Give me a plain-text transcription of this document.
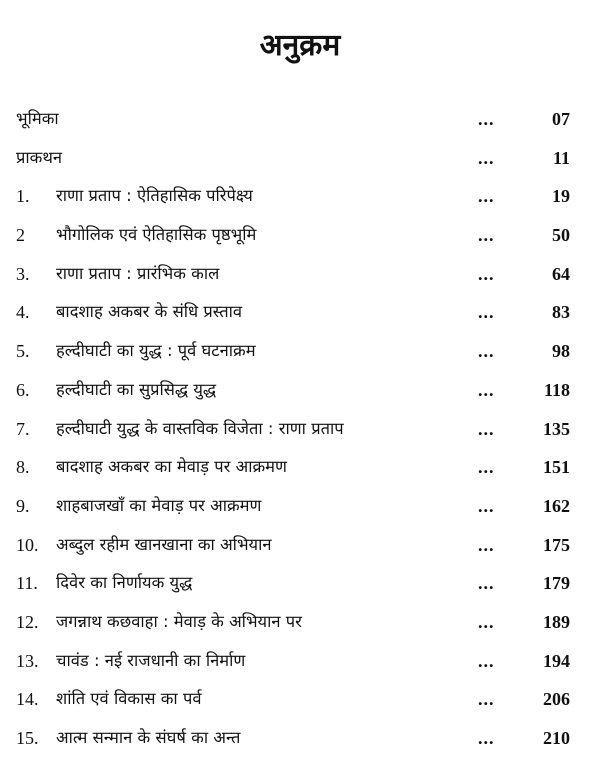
अनुक्रम
भूमिका	...	07
प्राकथन	...	11
1. राणा प्रताप : ऐतिहासिक परिपेक्ष्य	...	19
2 भौगोलिक एवं ऐतिहासिक पृष्ठभूमि	...	50
3. राणा प्रताप : प्रारंभिक काल	...	64
4. बादशाह अकबर के संधि प्रस्ताव	...	83
5. हल्दीघाटी का युद्ध : पूर्व घटनाक्रम	...	98
6. हल्दीघाटी का सुप्रसिद्ध युद्ध	...	118
7. हल्दीघाटी युद्ध के वास्तविक विजेता : राणा प्रताप	...	135
8. बादशाह अकबर का मेवाड़ पर आक्रमण	...	151
9. शाहबाजखाँ का मेवाड़ पर आक्रमण	...	162
10. अब्दुल रहीम खानखाना का अभियान	...	175
11. दिवेर का निर्णायक युद्ध	...	179
12. जगन्नाथ कछवाहा : मेवाड़ के अभियान पर	...	189
13. चावंड : नई राजधानी का निर्माण	...	194
14. शांति एवं विकास का पर्व	...	206
15. आत्म सन्मान के संघर्ष का अन्त	...	210
